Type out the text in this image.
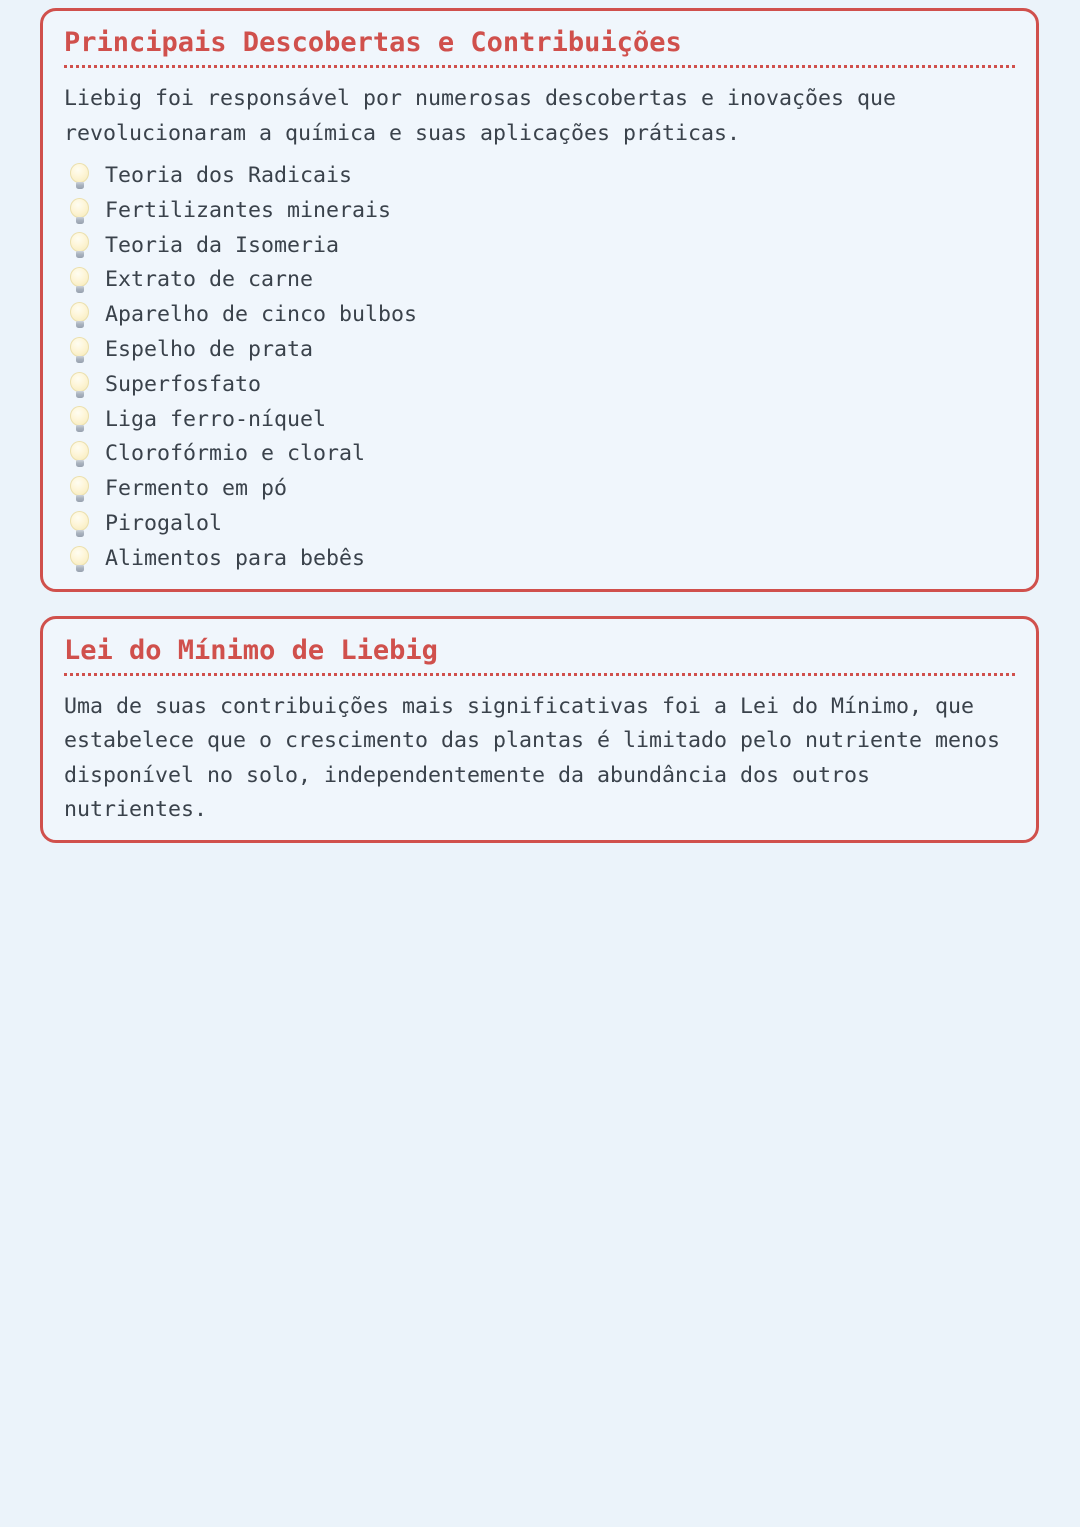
Principais Descobertas e Contribuições

Liebig foi responsável por numerosas descobertas e inovações que revolucionaram a química e suas aplicações práticas.

Teoria dos Radicais
Fertilizantes minerais
Teoria da Isomeria
Extrato de carne
Aparelho de cinco bulbos
Espelho de prata
Superfosfato
Liga ferro-níquel
Clorofórmio e cloral
Fermento em pó
Pirogalol
Alimentos para bebês
Lei do Mínimo de Liebig

Uma de suas contribuições mais significativas foi a Lei do Mínimo, que estabelece que o crescimento das plantas é limitado pelo nutriente menos disponível no solo, independentemente da abundância dos outros nutrientes.
